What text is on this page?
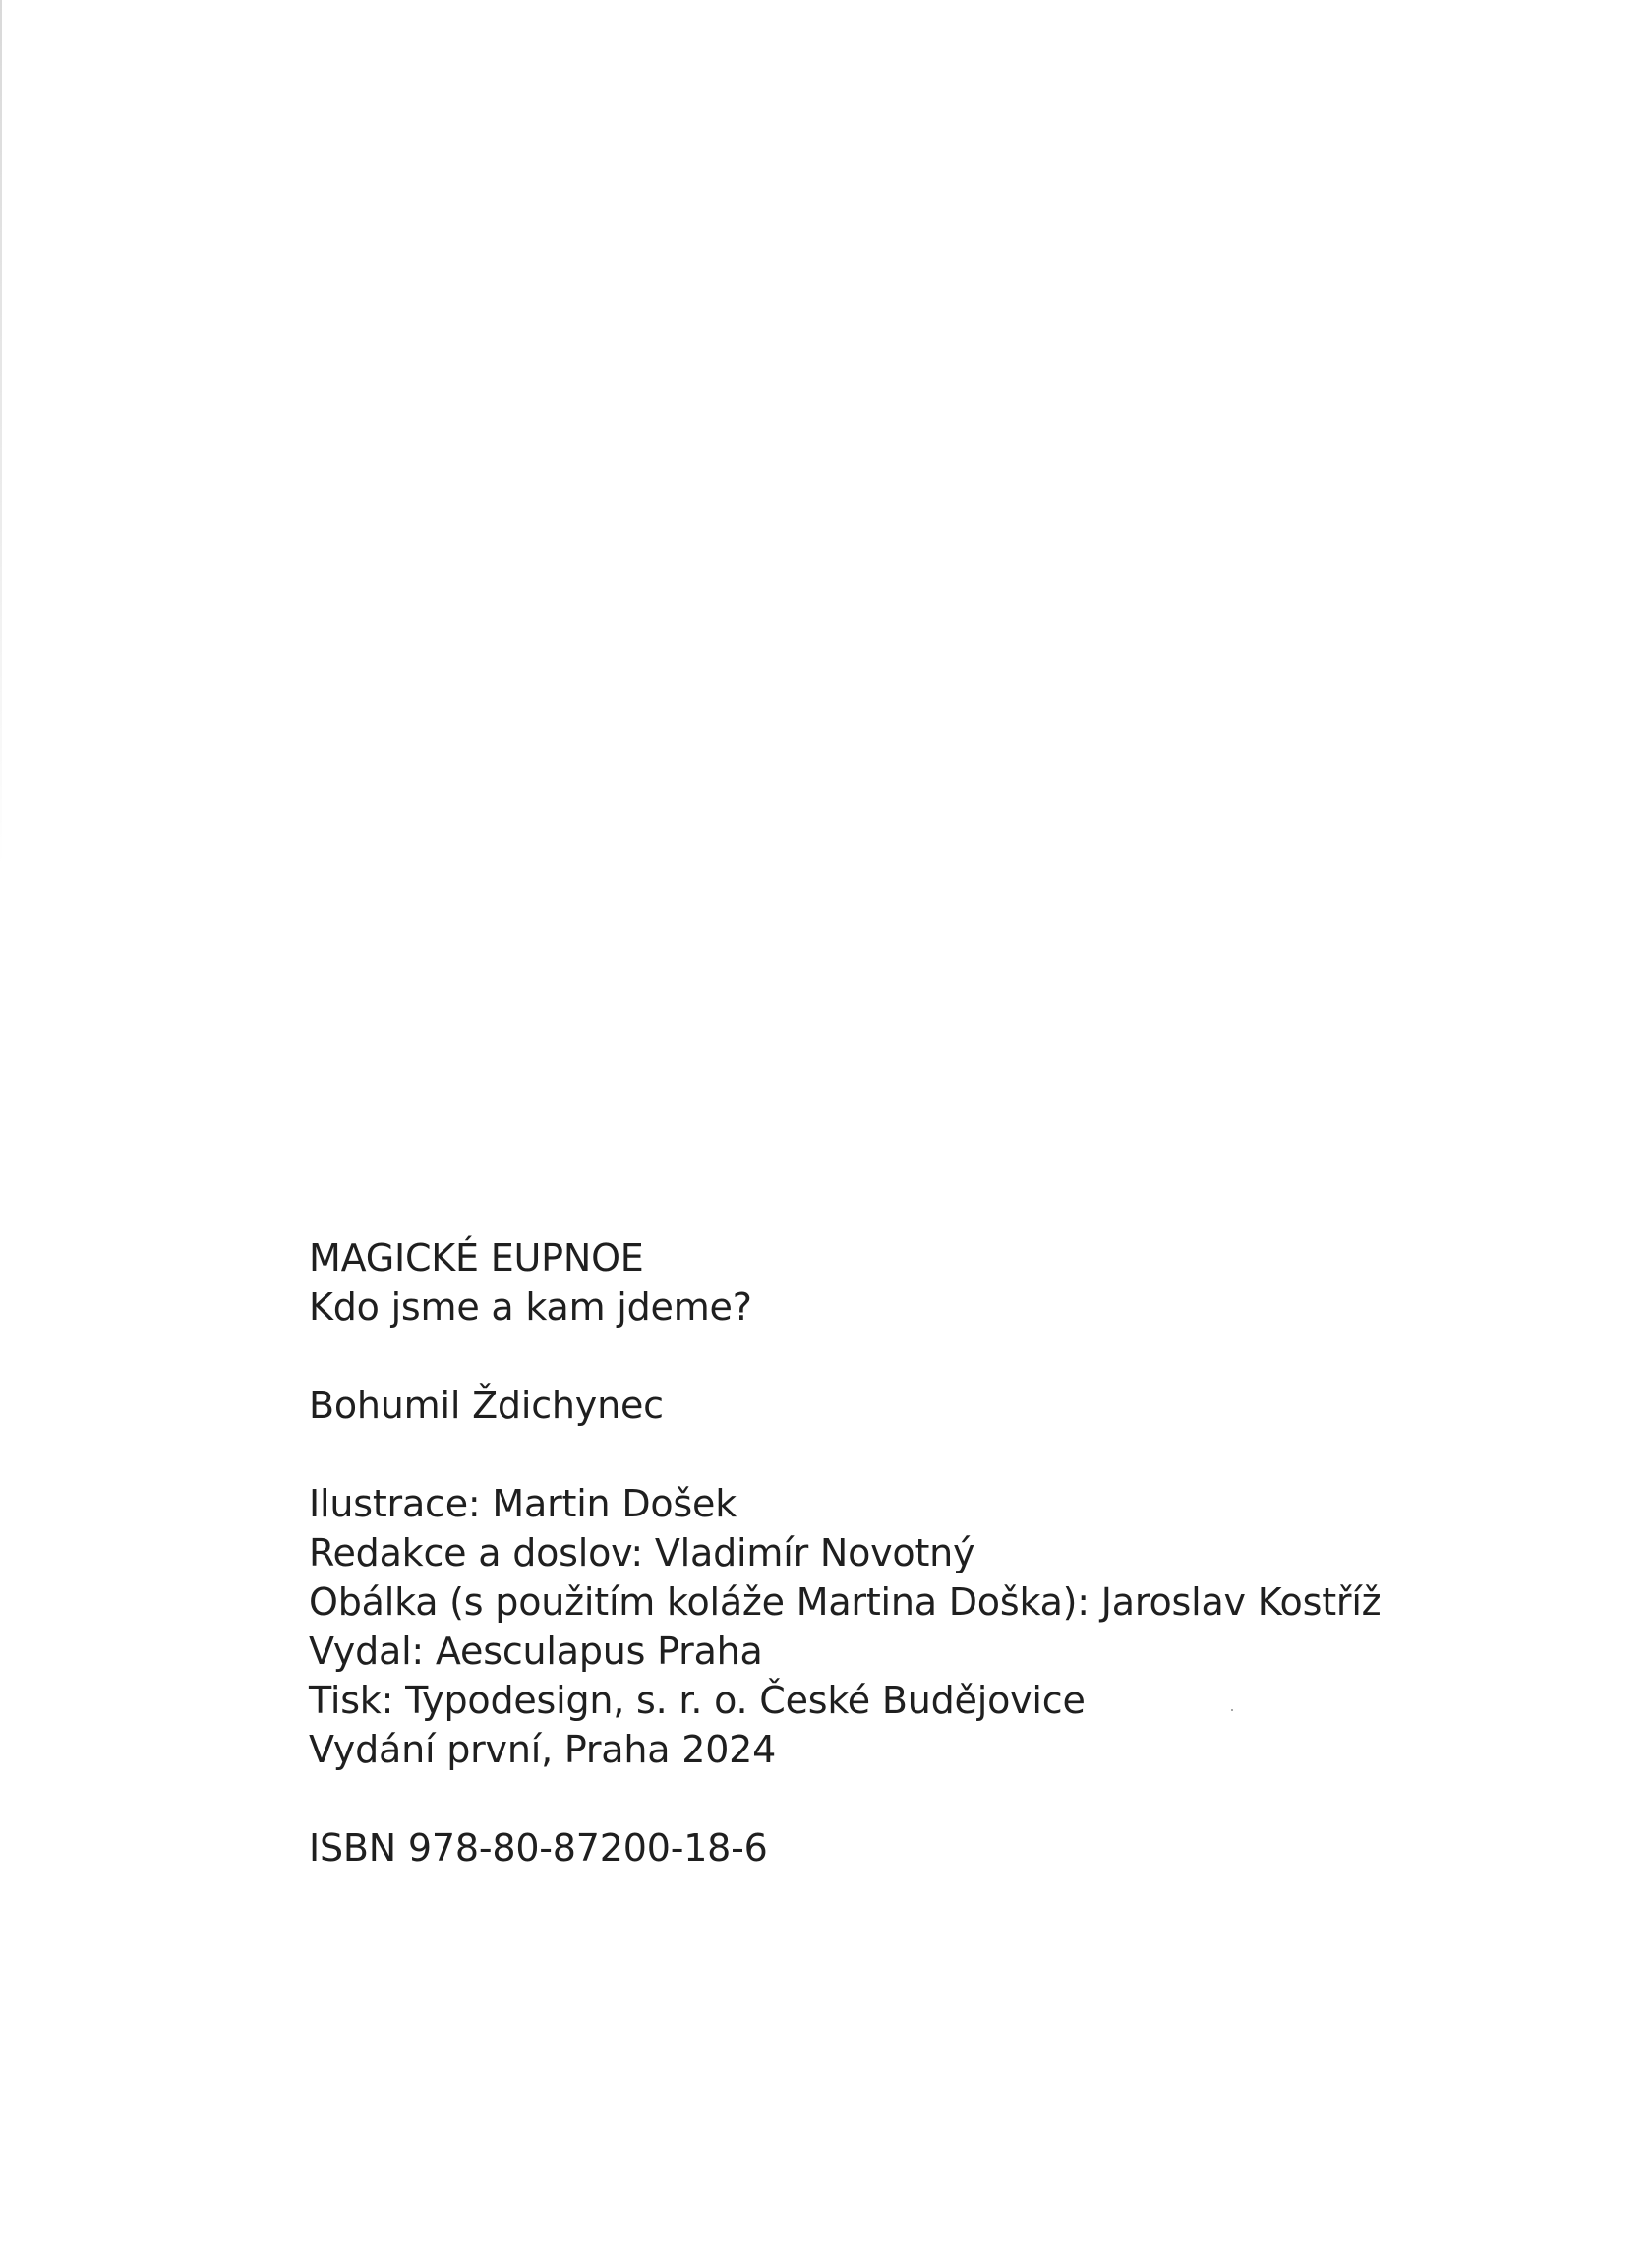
MAGICKÉ EUPNOE
Kdo jsme a kam jdeme?
Bohumil Ždichynec
Ilustrace: Martin Došek
Redakce a doslov: Vladimír Novotný
Obálka (s použitím koláže Martina Doška): Jaroslav Kostříž
Vydal: Aesculapus Praha
Tisk: Typodesign, s. r. o. České Budějovice
Vydání první, Praha 2024
ISBN 978-80-87200-18-6
